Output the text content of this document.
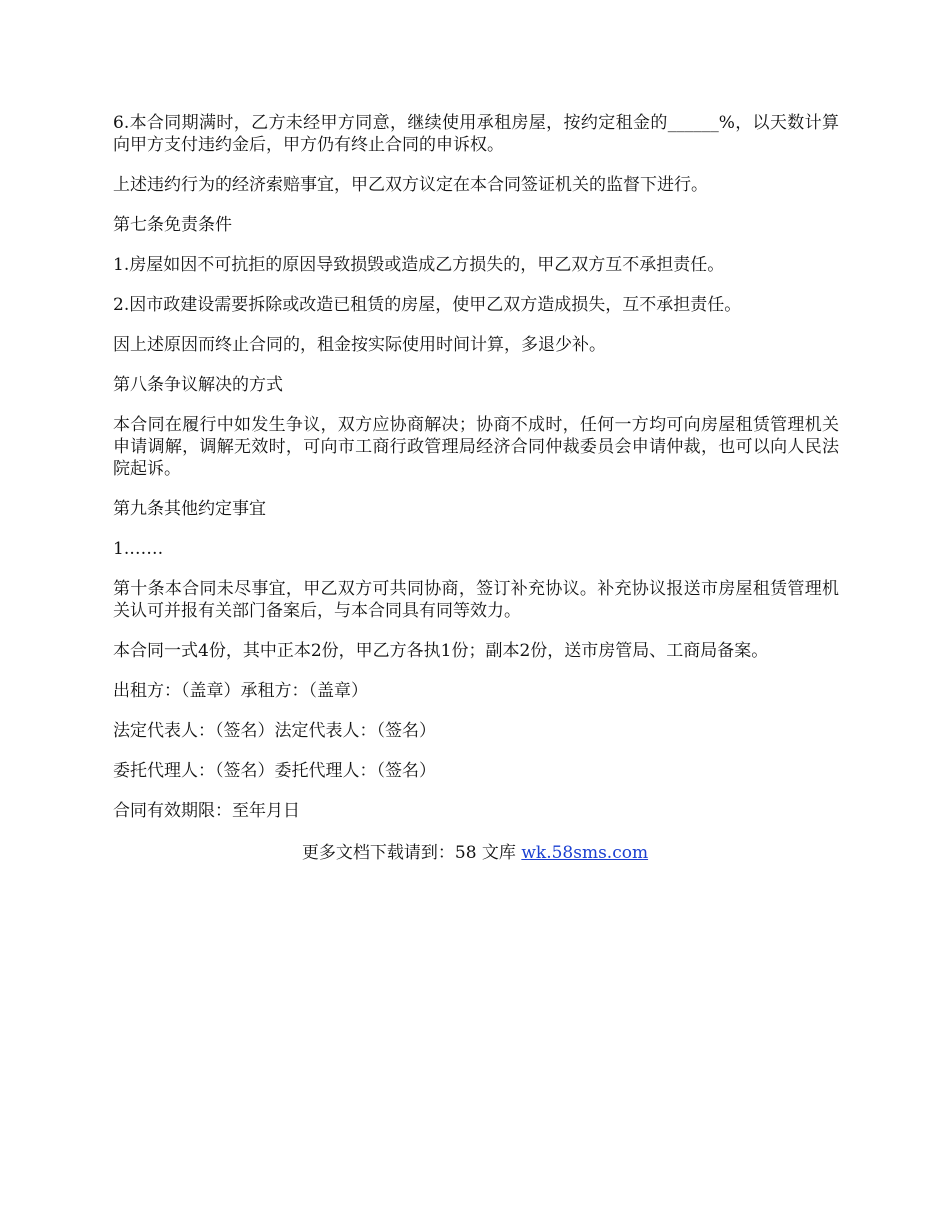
6.本合同期满时，乙方未经甲方同意，继续使用承租房屋，按约定租金的______%，以天数计算向甲方支付违约金后，甲方仍有终止合同的申诉权。

上述违约行为的经济索赔事宜，甲乙双方议定在本合同签证机关的监督下进行。

第七条免责条件

1.房屋如因不可抗拒的原因导致损毁或造成乙方损失的，甲乙双方互不承担责任。

2.因市政建设需要拆除或改造已租赁的房屋，使甲乙双方造成损失，互不承担责任。

因上述原因而终止合同的，租金按实际使用时间计算，多退少补。

第八条争议解决的方式

本合同在履行中如发生争议，双方应协商解决；协商不成时，任何一方均可向房屋租赁管理机关申请调解，调解无效时，可向市工商行政管理局经济合同仲裁委员会申请仲裁，也可以向人民法院起诉。

第九条其他约定事宜

1.……

第十条本合同未尽事宜，甲乙双方可共同协商，签订补充协议。补充协议报送市房屋租赁管理机关认可并报有关部门备案后，与本合同具有同等效力。

本合同一式4份，其中正本2份，甲乙方各执1份；副本2份，送市房管局、工商局备案。

出租方：（盖章）承租方：（盖章）

法定代表人：（签名）法定代表人：（签名）

委托代理人：（签名）委托代理人：（签名）

合同有效期限：至年月日

更多文档下载请到：58 文库 wk.58sms.com
